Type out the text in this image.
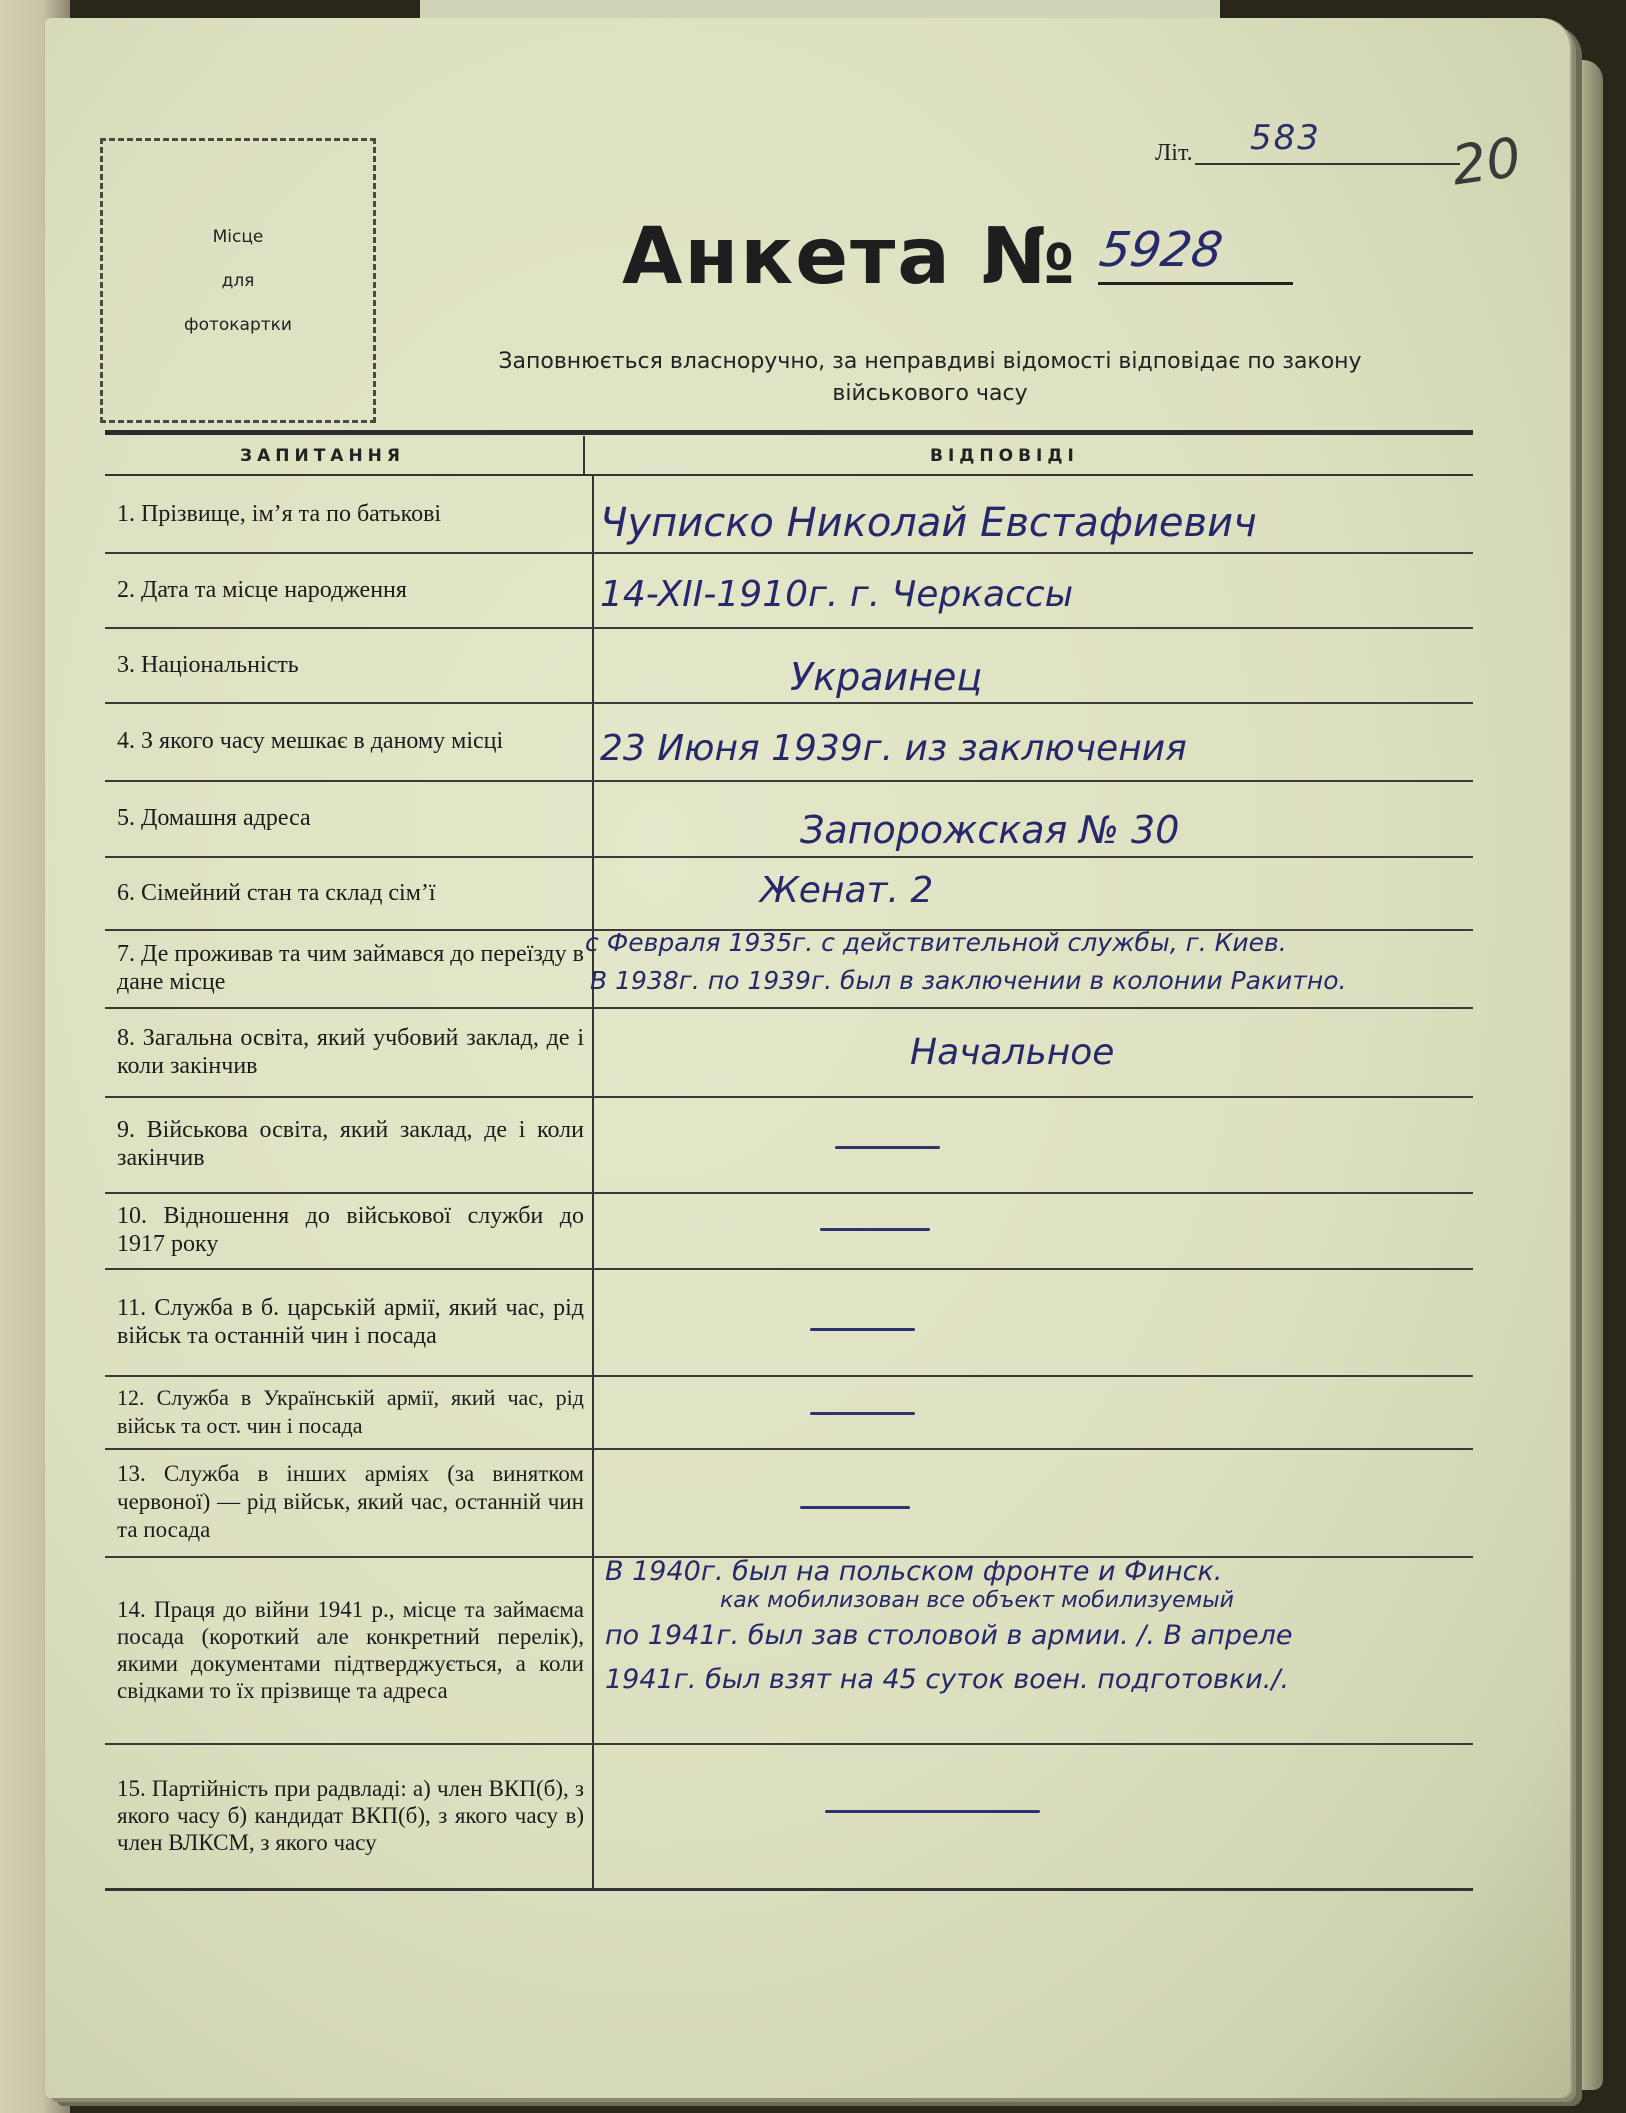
Місце
для
фотокартки
Літ. 583 20
Анкета № 5928
Заповнюється власноручно, за неправдиві відомості відповідає по закону
військового часу
ЗАПИТАННЯ	ВІДПОВІДІ
1. Прізвище, ім’я та по батькові
2. Дата та місце народження
3. Національність
4. З якого часу мешкає в даному місці
5. Домашня адреса
6. Сімейний стан та склад сім’ї
7. Де проживав та чим займався до переїзду в дане місце
8. Загальна освіта, який учбовий заклад, де і коли закінчив
9. Військова освіта, який заклад, де і коли закінчив
10. Відношення до військової служби до 1917 року
11. Служба в б. царській армії, який час, рід військ та останній чин і посада
12. Служба в Українській армії, який час, рід військ та ост. чин і посада
13. Служба в інших арміях (за винятком червоної) — рід військ, який час, останній чин та посада
14. Праця до війни 1941 р., місце та займаєма посада (короткий але конкретний перелік), якими документами підтверджується, а коли свідками то їх прізвище та адреса
15. Партійність при радвладі: а) член ВКП(б), з якого часу б) кандидат ВКП(б), з якого часу в) член ВЛКСМ, з якого часу
Чуписко Николай Евстафиевич
14-XII-1910г. г. Черкассы
Украинец
23 Июня 1939г. из заключения
Запорожская № 30
Женат. 2
с Февраля 1935г. с действительной службы, г. Киев.
В 1938г. по 1939г. был в заключении в колонии Ракитно.
Начальное
В 1940г. был на польском фронте и Финск.
как мобилизован все объект мобилизуемый
по 1941г. был зав столовой в армии. /. В апреле
1941г. был взят на 45 суток воен. подготовки./.
